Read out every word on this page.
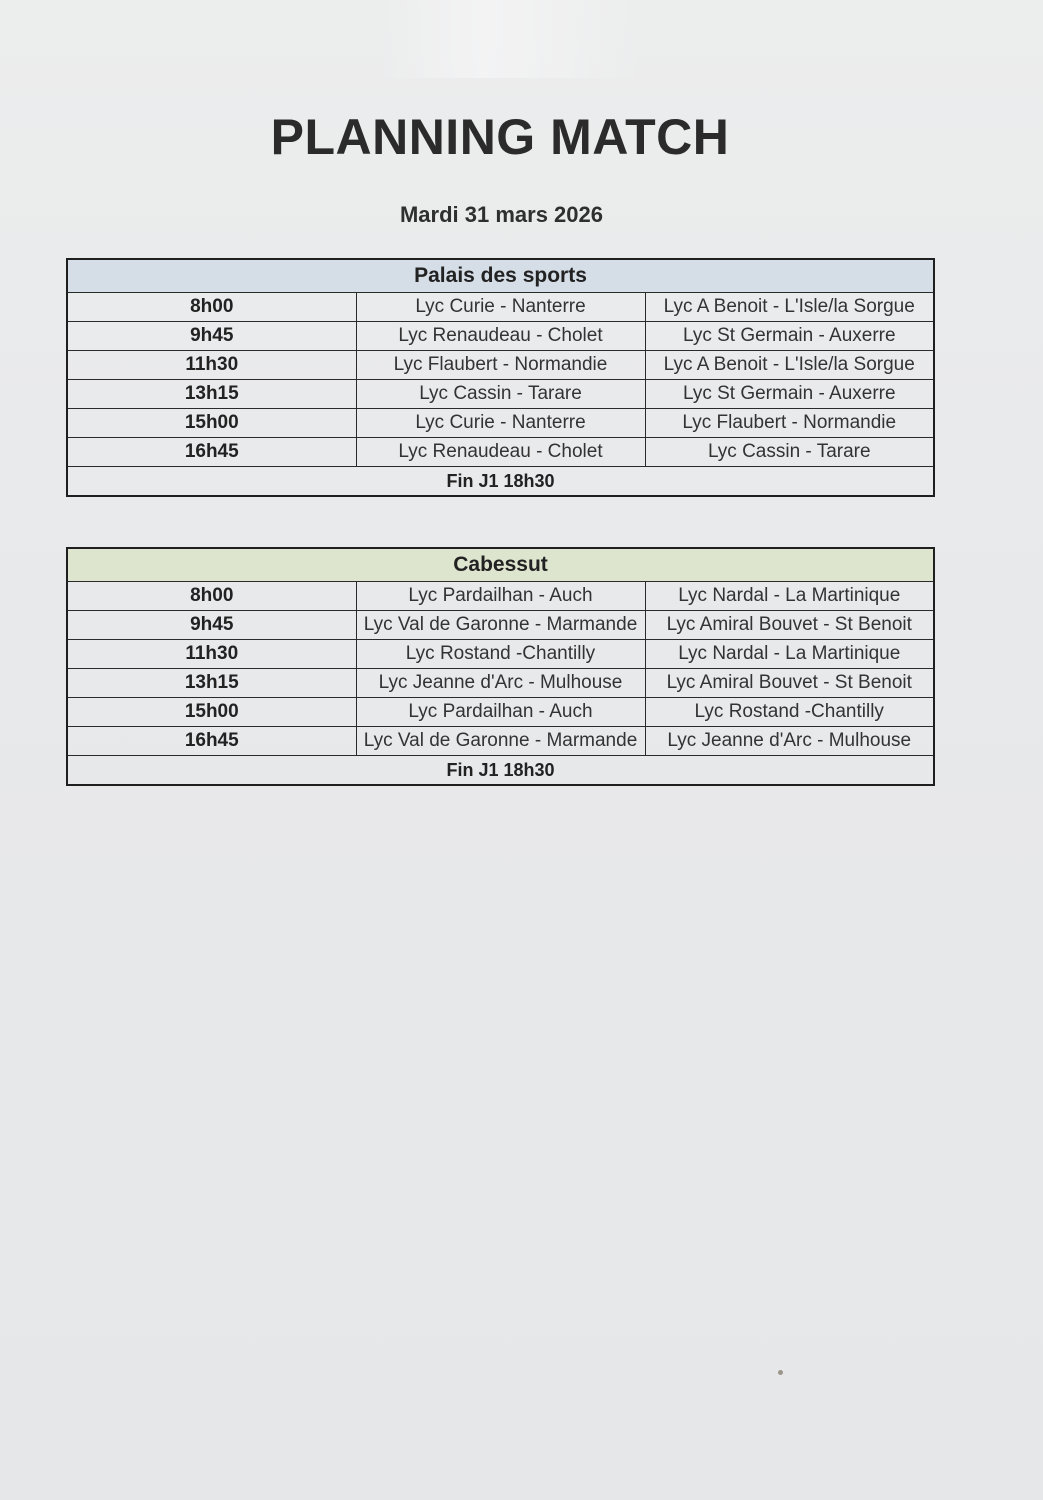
PLANNING MATCH
Mardi 31 mars 2026
Palais des sports		
8h00	Lyc Curie - Nanterre	Lyc A Benoit - L'Isle/la Sorgue
9h45	Lyc Renaudeau - Cholet	Lyc St Germain - Auxerre
11h30	Lyc Flaubert - Normandie	Lyc A Benoit - L'Isle/la Sorgue
13h15	Lyc Cassin - Tarare	Lyc St Germain - Auxerre
15h00	Lyc Curie - Nanterre	Lyc Flaubert - Normandie
16h45	Lyc Renaudeau - Cholet	Lyc Cassin - Tarare
Fin J1 18h30		
Cabessut		
8h00	Lyc Pardailhan - Auch	Lyc Nardal - La Martinique
9h45	Lyc Val de Garonne - Marmande	Lyc Amiral Bouvet - St Benoit
11h30	Lyc Rostand -Chantilly	Lyc Nardal - La Martinique
13h15	Lyc Jeanne d'Arc - Mulhouse	Lyc Amiral Bouvet - St Benoit
15h00	Lyc Pardailhan - Auch	Lyc Rostand -Chantilly
16h45	Lyc Val de Garonne - Marmande	Lyc Jeanne d'Arc - Mulhouse
Fin J1 18h30		
